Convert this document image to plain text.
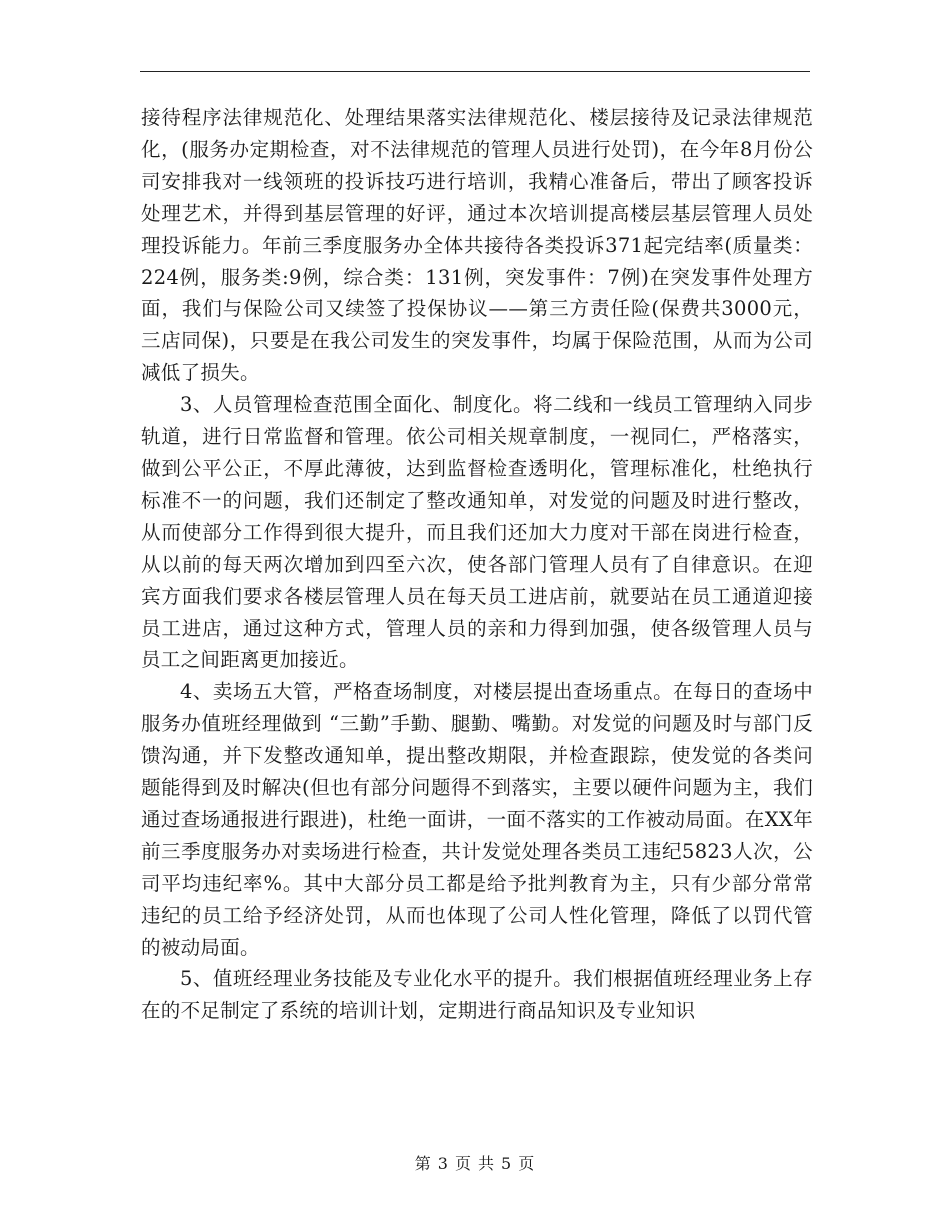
接待程序法律规范化、处理结果落实法律规范化、楼层接待及记录法律规范化，(服务办定期检查，对不法律规范的管理人员进行处罚)，在今年8月份公司安排我对一线领班的投诉技巧进行培训，我精心准备后，带出了顾客投诉处理艺术，并得到基层管理的好评，通过本次培训提高楼层基层管理人员处理投诉能力。年前三季度服务办全体共接待各类投诉371起完结率(质量类：224例，服务类:9例，综合类：131例，突发事件：7例)在突发事件处理方面，我们与保险公司又续签了投保协议——第三方责任险(保费共3000元，三店同保)，只要是在我公司发生的突发事件，均属于保险范围，从而为公司减低了损失。

3、人员管理检查范围全面化、制度化。将二线和一线员工管理纳入同步轨道，进行日常监督和管理。依公司相关规章制度，一视同仁，严格落实，做到公平公正，不厚此薄彼，达到监督检查透明化，管理标准化，杜绝执行标准不一的问题，我们还制定了整改通知单，对发觉的问题及时进行整改，从而使部分工作得到很大提升，而且我们还加大力度对干部在岗进行检查，从以前的每天两次增加到四至六次，使各部门管理人员有了自律意识。在迎宾方面我们要求各楼层管理人员在每天员工进店前，就要站在员工通道迎接员工进店，通过这种方式，管理人员的亲和力得到加强，使各级管理人员与员工之间距离更加接近。

4、卖场五大管，严格查场制度，对楼层提出查场重点。在每日的查场中服务办值班经理做到 “三勤”手勤、腿勤、嘴勤。对发觉的问题及时与部门反馈沟通，并下发整改通知单，提出整改期限，并检查跟踪，使发觉的各类问题能得到及时解决(但也有部分问题得不到落实，主要以硬件问题为主，我们通过查场通报进行跟进)，杜绝一面讲，一面不落实的工作被动局面。在XX年前三季度服务办对卖场进行检查，共计发觉处理各类员工违纪5823人次，公司平均违纪率%。其中大部分员工都是给予批判教育为主，只有少部分常常违纪的员工给予经济处罚，从而也体现了公司人性化管理，降低了以罚代管的被动局面。

5、值班经理业务技能及专业化水平的提升。我们根据值班经理业务上存在的不足制定了系统的培训计划，定期进行商品知识及专业知识

第 3 页 共 5 页
